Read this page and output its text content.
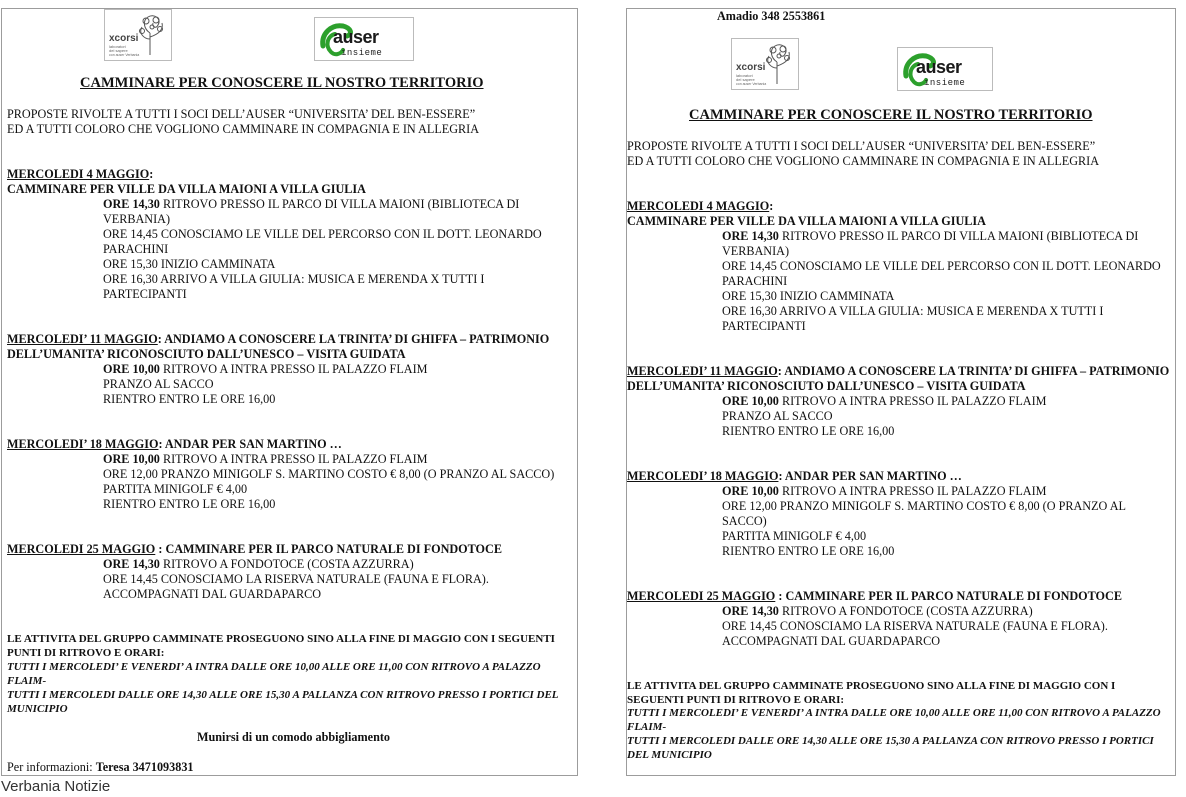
xcorsi
laboratori
del sapere
con auser Verbania
auser
insieme
CAMMINARE PER CONOSCERE IL NOSTRO TERRITORIO
PROPOSTE RIVOLTE A TUTTI I SOCI DELL’AUSER “UNIVERSITA’ DEL BEN-ESSERE”
ED A TUTTI COLORO CHE VOGLIONO CAMMINARE IN COMPAGNIA E IN ALLEGRIA
MERCOLEDI 4 MAGGIO:
CAMMINARE PER VILLE DA VILLA MAIONI A VILLA GIULIA
ORE 14,30 RITROVO PRESSO IL PARCO DI VILLA MAIONI (BIBLIOTECA DI
VERBANIA)
ORE 14,45 CONOSCIAMO LE VILLE DEL PERCORSO CON IL DOTT. LEONARDO
PARACHINI
ORE 15,30 INIZIO CAMMINATA
ORE 16,30 ARRIVO A VILLA GIULIA: MUSICA E MERENDA X TUTTI I
PARTECIPANTI
MERCOLEDI’ 11 MAGGIO: ANDIAMO A CONOSCERE LA TRINITA’ DI GHIFFA – PATRIMONIO
DELL’UMANITA’ RICONOSCIUTO DALL’UNESCO – VISITA GUIDATA
ORE 10,00 RITROVO A INTRA PRESSO IL PALAZZO FLAIM
PRANZO AL SACCO
RIENTRO ENTRO LE ORE 16,00
MERCOLEDI’ 18 MAGGIO: ANDAR PER SAN MARTINO …
ORE 10,00 RITROVO A INTRA PRESSO IL PALAZZO FLAIM
ORE 12,00 PRANZO MINIGOLF S. MARTINO COSTO € 8,00 (O PRANZO AL SACCO)
PARTITA MINIGOLF € 4,00
RIENTRO ENTRO LE ORE 16,00
MERCOLEDI 25 MAGGIO : CAMMINARE PER IL PARCO NATURALE DI FONDOTOCE
ORE 14,30 RITROVO A FONDOTOCE (COSTA AZZURRA)
ORE 14,45 CONOSCIAMO LA RISERVA NATURALE (FAUNA E FLORA).
ACCOMPAGNATI DAL GUARDAPARCO
LE ATTIVITA DEL GRUPPO CAMMINATE PROSEGUONO SINO ALLA FINE DI MAGGIO CON I SEGUENTI
PUNTI DI RITROVO E ORARI:
TUTTI I MERCOLEDI’ E VENERDI’ A INTRA DALLE ORE 10,00 ALLE ORE 11,00 CON RITROVO A PALAZZO
FLAIM-
TUTTI I MERCOLEDI DALLE ORE 14,30 ALLE ORE 15,30 A PALLANZA CON RITROVO PRESSO I PORTICI DEL
MUNICIPIO
Munirsi di un comodo abbigliamento
Per informazioni: Teresa 3471093831
Amadio 348 2553861
xcorsi
laboratori
del sapere
con auser Verbania
auser
insieme
CAMMINARE PER CONOSCERE IL NOSTRO TERRITORIO
PROPOSTE RIVOLTE A TUTTI I SOCI DELL’AUSER “UNIVERSITA’ DEL BEN-ESSERE”
ED A TUTTI COLORO CHE VOGLIONO CAMMINARE IN COMPAGNIA E IN ALLEGRIA
MERCOLEDI 4 MAGGIO:
CAMMINARE PER VILLE DA VILLA MAIONI A VILLA GIULIA
ORE 14,30 RITROVO PRESSO IL PARCO DI VILLA MAIONI (BIBLIOTECA DI
VERBANIA)
ORE 14,45 CONOSCIAMO LE VILLE DEL PERCORSO CON IL DOTT. LEONARDO
PARACHINI
ORE 15,30 INIZIO CAMMINATA
ORE 16,30 ARRIVO A VILLA GIULIA: MUSICA E MERENDA X TUTTI I
PARTECIPANTI
MERCOLEDI’ 11 MAGGIO: ANDIAMO A CONOSCERE LA TRINITA’ DI GHIFFA – PATRIMONIO
DELL’UMANITA’ RICONOSCIUTO DALL’UNESCO – VISITA GUIDATA
ORE 10,00 RITROVO A INTRA PRESSO IL PALAZZO FLAIM
PRANZO AL SACCO
RIENTRO ENTRO LE ORE 16,00
MERCOLEDI’ 18 MAGGIO: ANDAR PER SAN MARTINO …
ORE 10,00 RITROVO A INTRA PRESSO IL PALAZZO FLAIM
ORE 12,00 PRANZO MINIGOLF S. MARTINO COSTO € 8,00 (O PRANZO AL
SACCO)
PARTITA MINIGOLF € 4,00
RIENTRO ENTRO LE ORE 16,00
MERCOLEDI 25 MAGGIO : CAMMINARE PER IL PARCO NATURALE DI FONDOTOCE
ORE 14,30 RITROVO A FONDOTOCE (COSTA AZZURRA)
ORE 14,45 CONOSCIAMO LA RISERVA NATURALE (FAUNA E FLORA).
ACCOMPAGNATI DAL GUARDAPARCO
LE ATTIVITA DEL GRUPPO CAMMINATE PROSEGUONO SINO ALLA FINE DI MAGGIO CON I
SEGUENTI PUNTI DI RITROVO E ORARI:
TUTTI I MERCOLEDI’ E VENERDI’ A INTRA DALLE ORE 10,00 ALLE ORE 11,00 CON RITROVO A PALAZZO
FLAIM-
TUTTI I MERCOLEDI DALLE ORE 14,30 ALLE ORE 15,30 A PALLANZA CON RITROVO PRESSO I PORTICI
DEL MUNICIPIO
Verbania Notizie
